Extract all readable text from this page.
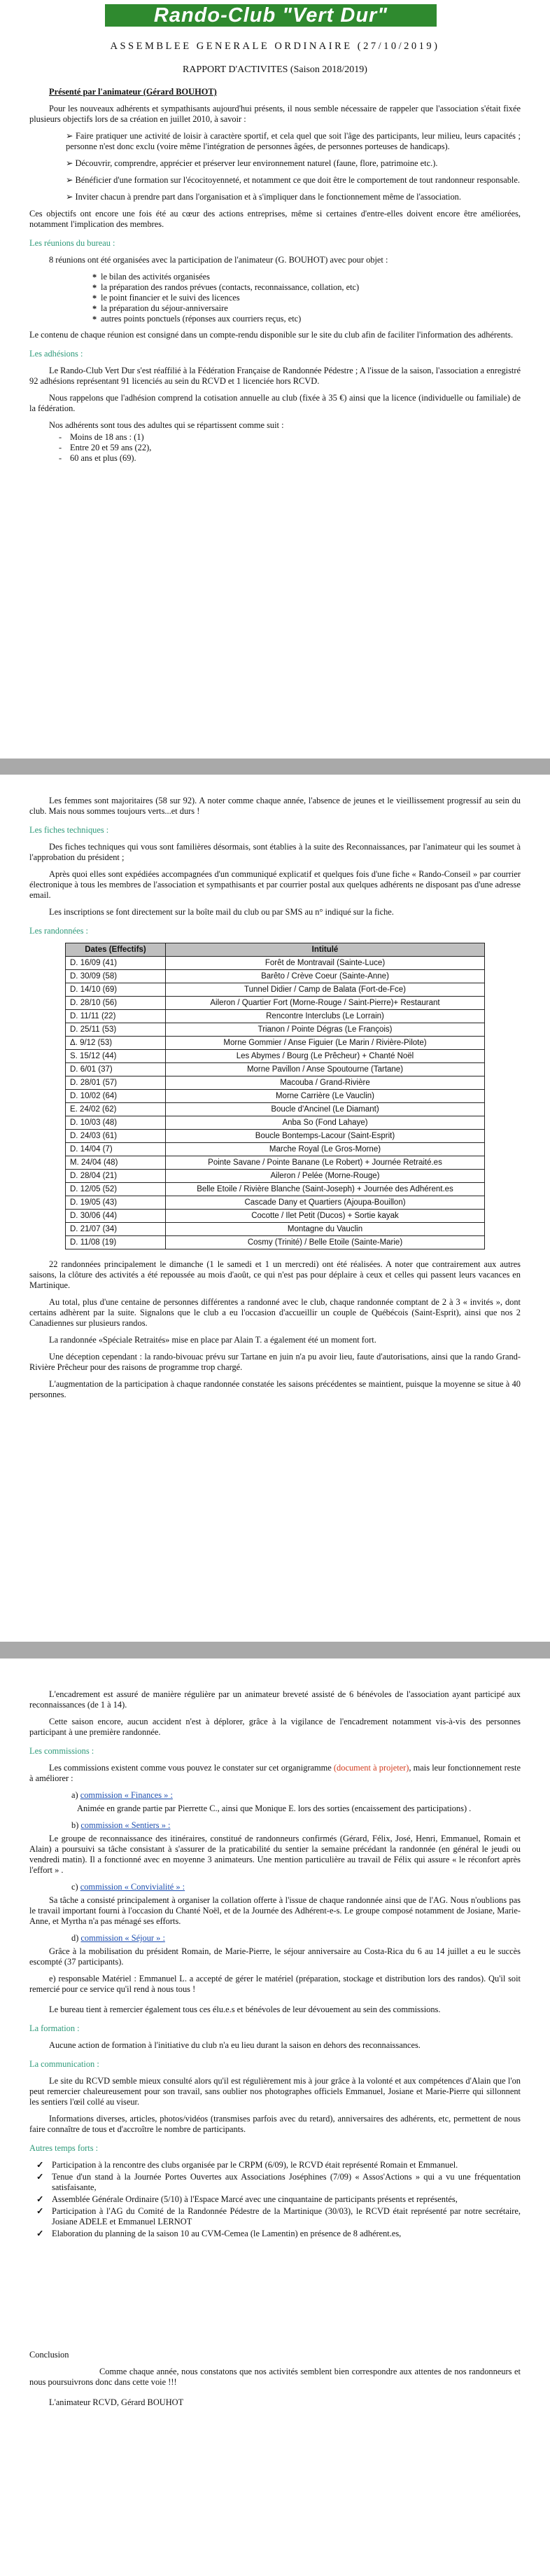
Rando-Club "Vert Dur"
ASSEMBLEE GENERALE ORDINAIRE (27/10/2019)
RAPPORT D'ACTIVITES (Saison 2018/2019)

Présenté par l'animateur (Gérard BOUHOT)

Pour les nouveaux adhérents et sympathisants aujourd'hui présents, il nous semble nécessaire de rappeler que l'association s'était fixée plusieurs objectifs lors de sa création en juillet 2010, à savoir :

➢ Faire pratiquer une activité de loisir à caractère sportif, et cela quel que soit l'âge des participants, leur milieu, leurs capacités ; personne n'est donc exclu (voire même l'intégration de personnes âgées, de personnes porteuses de handicaps).

➢ Découvrir, comprendre, apprécier et préserver leur environnement naturel (faune, flore, patrimoine etc.).

➢ Bénéficier d'une formation sur l'écocitoyenneté, et notamment ce que doit être le comportement de tout randonneur responsable.

➢ Inviter chacun à prendre part dans l'organisation et à s'impliquer dans le fonctionnement même de l'association.

Ces objectifs ont encore une fois été au cœur des actions entreprises, même si certaines d'entre-elles doivent encore être améliorées, notamment l'implication des membres.

Les réunions du bureau :

8 réunions ont été organisées avec la participation de l'animateur (G. BOUHOT) avec pour objet :

* le bilan des activités organisées
* la préparation des randos prévues (contacts, reconnaissance, collation, etc)
* le point financier et le suivi des licences
* la préparation du séjour-anniversaire
* autres points ponctuels (réponses aux courriers reçus, etc)

Le contenu de chaque réunion est consigné dans un compte-rendu disponible sur le site du club afin de faciliter l'information des adhérents.

Les adhésions :

Le Rando-Club Vert Dur s'est réaffilié à la Fédération Française de Randonnée Pédestre ; A l'issue de la saison, l'association a enregistré 92 adhésions représentant 91 licenciés au sein du RCVD et 1 licenciée hors RCVD.

Nous rappelons que l'adhésion comprend la cotisation annuelle au club (fixée à 35 €) ainsi que la licence (individuelle ou familiale) de la fédération.

Nos adhérents sont tous des adultes qui se répartissent comme suit :

- Moins de 18 ans : (1)
- Entre 20 et 59 ans (22),
- 60 ans et plus (69).

Les femmes sont majoritaires (58 sur 92). A noter comme chaque année, l'absence de jeunes et le vieillissement progressif au sein du club. Mais nous sommes toujours verts...et durs !

Les fiches techniques :

Des fiches techniques qui vous sont familières désormais, sont établies à la suite des Reconnaissances, par l'animateur qui les soumet à l'approbation du président ;

Après quoi elles sont expédiées accompagnées d'un communiqué explicatif et quelques fois d'une fiche « Rando-Conseil » par courrier électronique à tous les membres de l'association et sympathisants et par courrier postal aux quelques adhérents ne disposant pas d'une adresse email.

Les inscriptions se font directement sur la boîte mail du club ou par SMS au n° indiqué sur la fiche.

Les randonnées :
Dates (Effectifs)	Intitulé
D. 16/09 (41)	Forêt de Montravail (Sainte-Luce)
D. 30/09 (58)	Barêto / Crève Coeur (Sainte-Anne)
D. 14/10 (69)	Tunnel Didier / Camp de Balata (Fort-de-Fce)
D. 28/10 (56)	Aileron / Quartier Fort (Morne-Rouge / Saint-Pierre)+ Restaurant
D. 11/11 (22)	Rencontre Interclubs (Le Lorrain)
D. 25/11 (53)	Trianon / Pointe Dégras (Le François)
Δ. 9/12 (53)	Morne Gommier / Anse Figuier (Le Marin / Rivière-Pilote)
S. 15/12 (44)	Les Abymes / Bourg (Le Prêcheur) + Chanté Noël
D. 6/01 (37)	Morne Pavillon / Anse Spoutourne (Tartane)
D. 28/01 (57)	Macouba / Grand-Rivière
D. 10/02 (64)	Morne Carrière (Le Vauclin)
E. 24/02 (62)	Boucle d'Ancinel (Le Diamant)
D. 10/03 (48)	Anba So (Fond Lahaye)
D. 24/03 (61)	Boucle Bontemps-Lacour (Saint-Esprit)
D. 14/04 (7)	Marche Royal (Le Gros-Morne)
M. 24/04 (48)	Pointe Savane / Pointe Banane (Le Robert) + Journée Retraité.es
D. 28/04 (21)	Aileron / Pelée (Morne-Rouge)
D. 12/05 (52)	Belle Etoile / Rivière Blanche (Saint-Joseph) + Journée des Adhérent.es
D. 19/05 (43)	Cascade Dany et Quartiers (Ajoupa-Bouillon)
D. 30/06 (44)	Cocotte / Ilet Petit (Ducos) + Sortie kayak
D. 21/07 (34)	Montagne du Vauclin
D. 11/08 (19)	Cosmy (Trinité) / Belle Etoile (Sainte-Marie)

22 randonnées principalement le dimanche (1 le samedi et 1 un mercredi) ont été réalisées. A noter que contrairement aux autres saisons, la clôture des activités a été repoussée au mois d'août, ce qui n'est pas pour déplaire à ceux et celles qui passent leurs vacances en Martinique.

Au total, plus d'une centaine de personnes différentes a randonné avec le club, chaque randonnée comptant de 2 à 3 « invités », dont certains adhèrent par la suite. Signalons que le club a eu l'occasion d'accueillir un couple de Québécois (Saint-Esprit), ainsi que nos 2 Canadiennes sur plusieurs randos.

La randonnée «Spéciale Retraités» mise en place par Alain T. a également été un moment fort.

Une déception cependant : la rando-bivouac prévu sur Tartane en juin n'a pu avoir lieu, faute d'autorisations, ainsi que la rando Grand-Rivière Prêcheur pour des raisons de programme trop chargé.

L'augmentation de la participation à chaque randonnée constatée les saisons précédentes se maintient, puisque la moyenne se situe à 40 personnes.

L'encadrement est assuré de manière régulière par un animateur breveté assisté de 6 bénévoles de l'association ayant participé aux reconnaissances (de 1 à 14).

Cette saison encore, aucun accident n'est à déplorer, grâce à la vigilance de l'encadrement notamment vis-à-vis des personnes participant à une première randonnée.

Les commissions :

Les commissions existent comme vous pouvez le constater sur cet organigramme (document à projeter), mais leur fonctionnement reste à améliorer :

a) commission « Finances » :

Animée en grande partie par Pierrette C., ainsi que Monique E. lors des sorties (encaissement des participations) .

b) commission « Sentiers » :

Le groupe de reconnaissance des itinéraires, constitué de randonneurs confirmés (Gérard, Félix, José, Henri, Emmanuel, Romain et Alain) a poursuivi sa tâche consistant à s'assurer de la praticabilité du sentier la semaine précédant la randonnée (en général le jeudi ou vendredi matin). Il a fonctionné avec en moyenne 3 animateurs. Une mention particulière au travail de Félix qui assure « le réconfort après l'effort » .

c) commission « Convivialité » :

Sa tâche a consisté principalement à organiser la collation offerte à l'issue de chaque randonnée ainsi que de l'AG. Nous n'oublions pas le travail important fourni à l'occasion du Chanté Noël, et de la Journée des Adhérent-e-s. Le groupe composé notamment de Josiane, Marie-Anne, et Myrtha n'a pas ménagé ses efforts.

d) commission « Séjour » :

Grâce à la mobilisation du président Romain, de Marie-Pierre, le séjour anniversaire au Costa-Rica du 6 au 14 juillet a eu le succès escompté (37 participants).

e) responsable Matériel : Emmanuel L. a accepté de gérer le matériel (préparation, stockage et distribution lors des randos). Qu'il soit remercié pour ce service qu'il rend à nous tous !

Le bureau tient à remercier également tous ces élu.e.s et bénévoles de leur dévouement au sein des commissions.

La formation :

Aucune action de formation à l'initiative du club n'a eu lieu durant la saison en dehors des reconnaissances.

La communication :

Le site du RCVD semble mieux consulté alors qu'il est régulièrement mis à jour grâce à la volonté et aux compétences d'Alain que l'on peut remercier chaleureusement pour son travail, sans oublier nos photographes officiels Emmanuel, Josiane et Marie-Pierre qui sillonnent les sentiers l'œil collé au viseur.

Informations diverses, articles, photos/vidéos (transmises parfois avec du retard), anniversaires des adhérents, etc, permettent de nous faire connaître de tous et d'accroître le nombre de participants.

Autres temps forts :
✓ Participation à la rencontre des clubs organisée par le CRPM (6/09), le RCVD était représenté Romain et Emmanuel.
✓ Tenue d'un stand à la Journée Portes Ouvertes aux Associations Joséphines (7/09) « Assos'Actions » qui a vu une fréquentation satisfaisante,
✓ Assemblée Générale Ordinaire (5/10) à l'Espace Marcé avec une cinquantaine de participants présents et représentés,
✓ Participation à l'AG du Comité de la Randonnée Pédestre de la Martinique (30/03), le RCVD était représenté par notre secrétaire, Josiane ADELE et Emmanuel LERNOT
✓ Elaboration du planning de la saison 10 au CVM-Cemea (le Lamentin) en présence de 8 adhérent.es,

Conclusion

Comme chaque année, nous constatons que nos activités semblent bien correspondre aux attentes de nos randonneurs et nous poursuivrons donc dans cette voie !!!

L'animateur RCVD, Gérard BOUHOT
